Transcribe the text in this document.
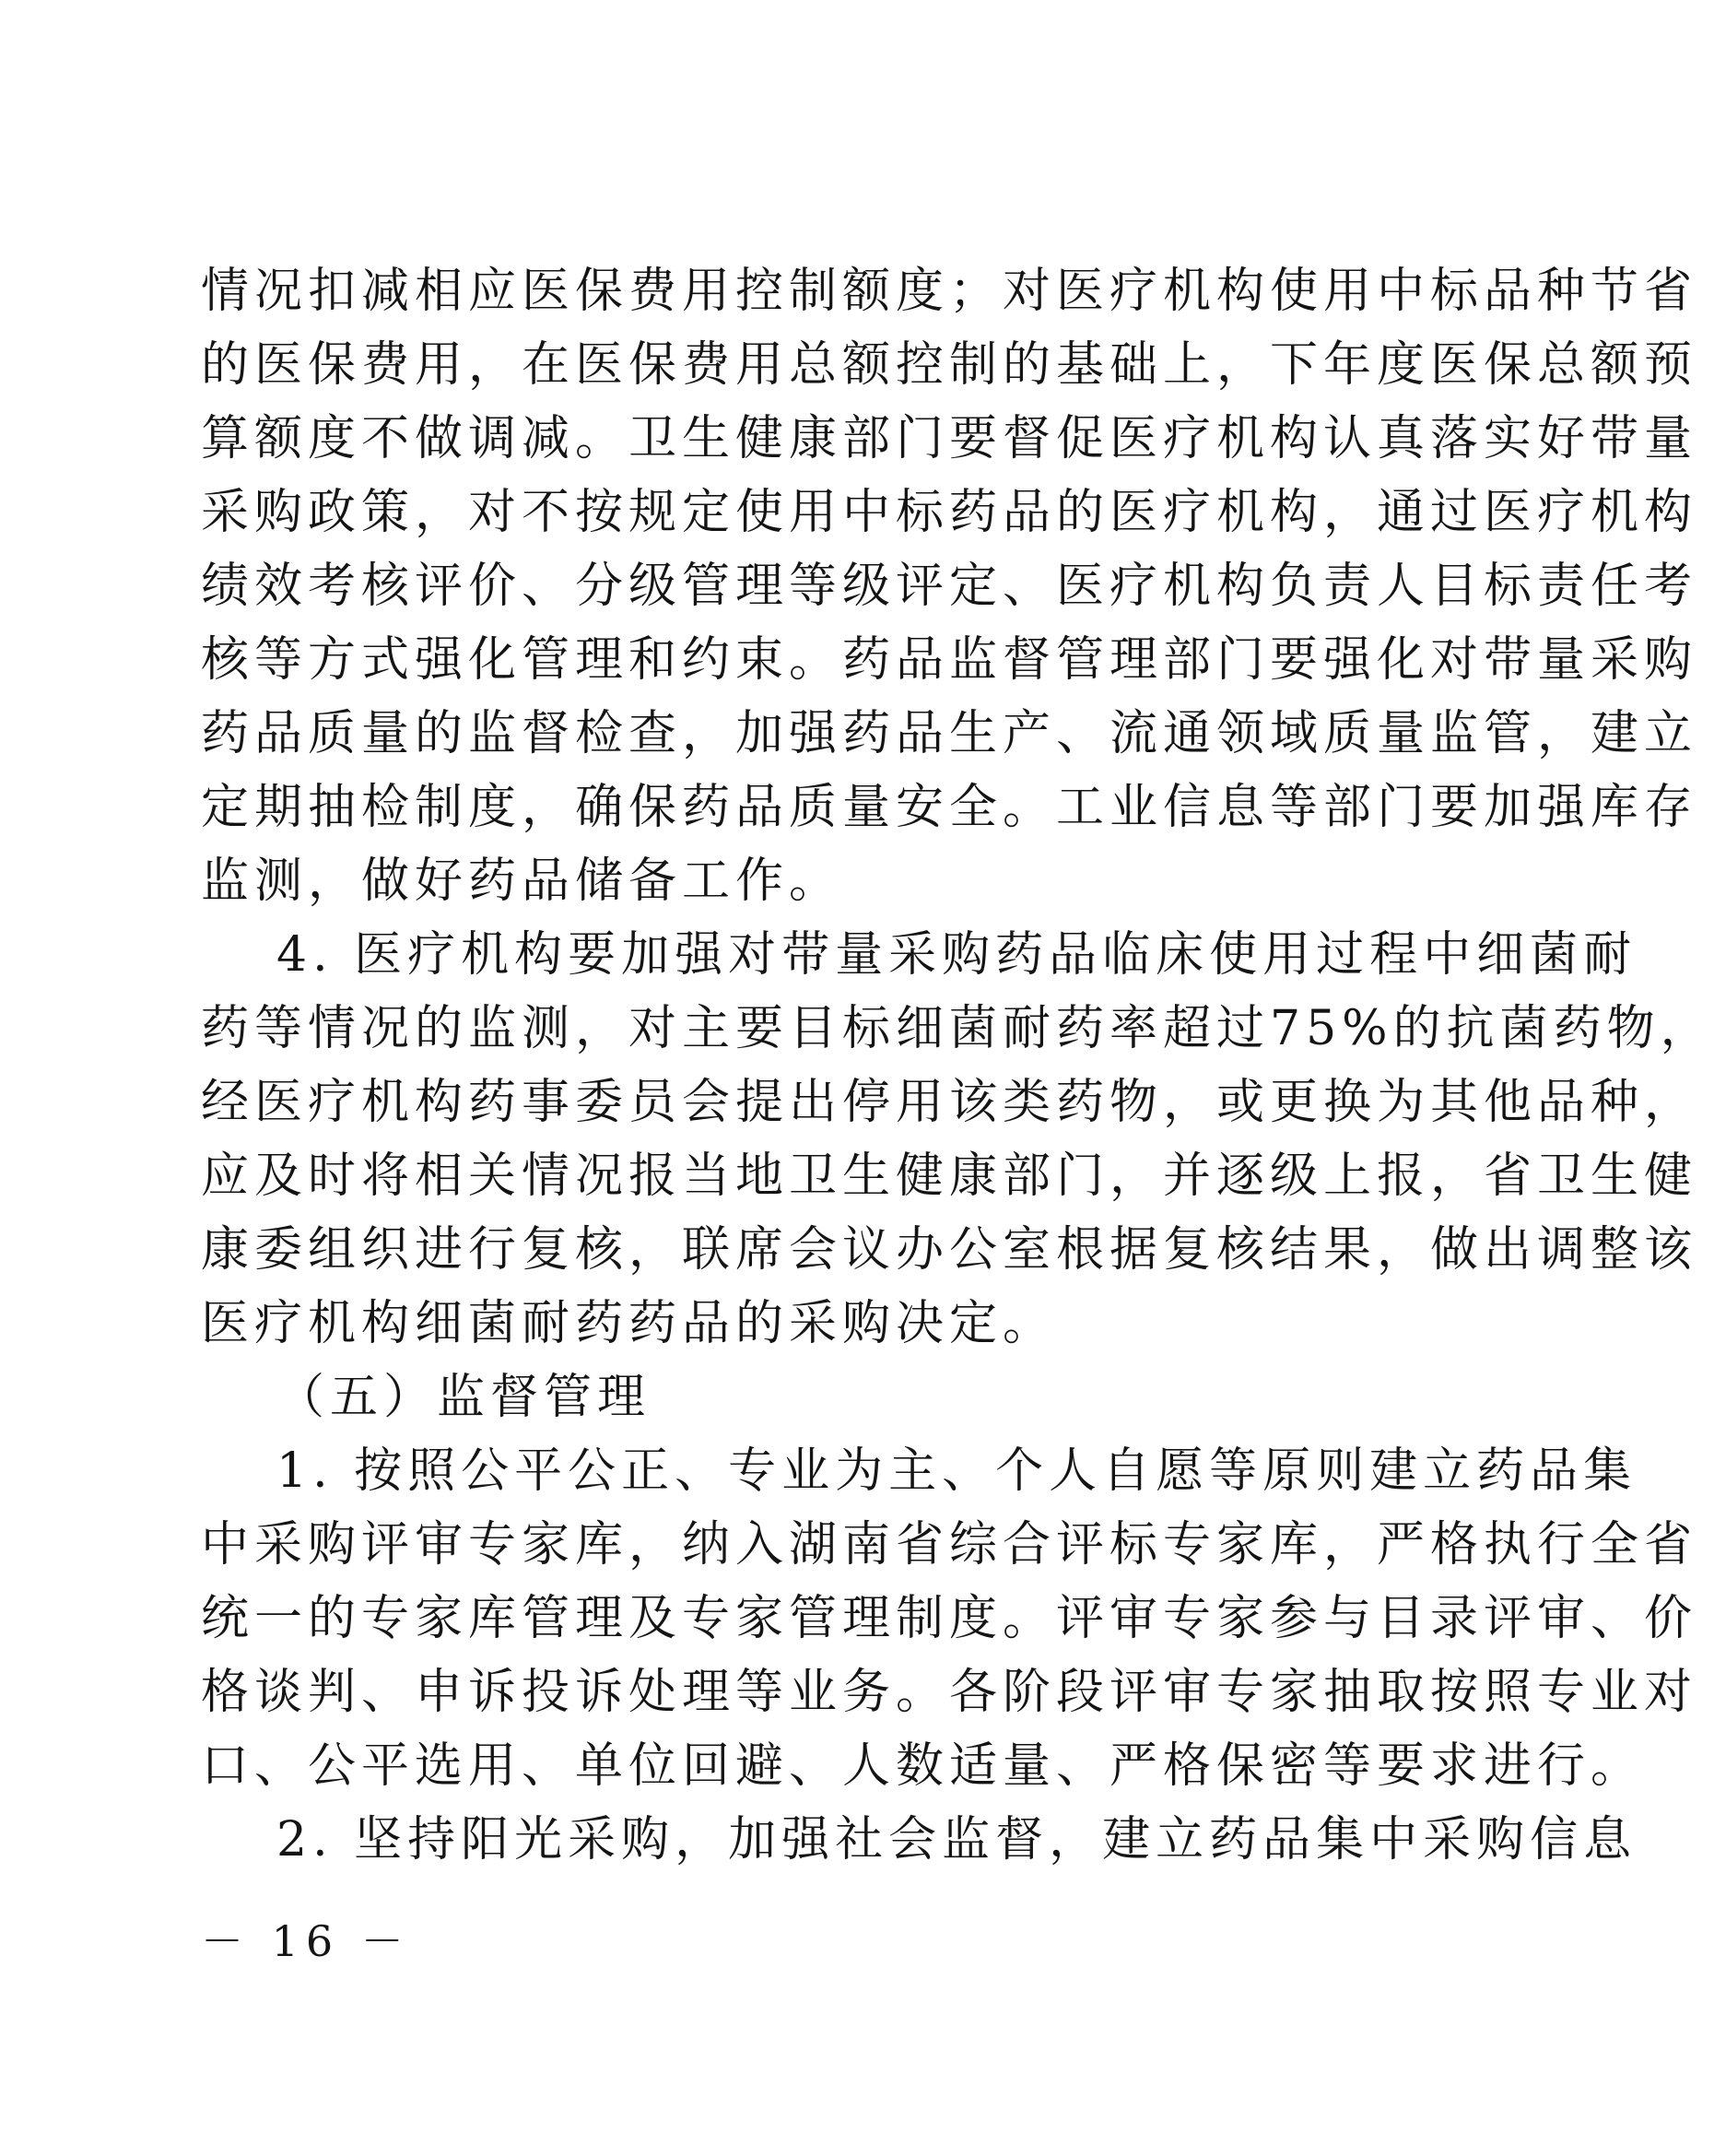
情况扣减相应医保费用控制额度；对医疗机构使用中标品种节省
的医保费用，在医保费用总额控制的基础上，下年度医保总额预
算额度不做调减。卫生健康部门要督促医疗机构认真落实好带量
采购政策，对不按规定使用中标药品的医疗机构，通过医疗机构
绩效考核评价、分级管理等级评定、医疗机构负责人目标责任考
核等方式强化管理和约束。药品监督管理部门要强化对带量采购
药品质量的监督检查，加强药品生产、流通领域质量监管，建立
定期抽检制度，确保药品质量安全。工业信息等部门要加强库存
监测，做好药品储备工作。
4. 医疗机构要加强对带量采购药品临床使用过程中细菌耐
药等情况的监测，对主要目标细菌耐药率超过75%的抗菌药物，
经医疗机构药事委员会提出停用该类药物，或更换为其他品种，
应及时将相关情况报当地卫生健康部门，并逐级上报，省卫生健
康委组织进行复核，联席会议办公室根据复核结果，做出调整该
医疗机构细菌耐药药品的采购决定。
（五）监督管理
1. 按照公平公正、专业为主、个人自愿等原则建立药品集
中采购评审专家库，纳入湖南省综合评标专家库，严格执行全省
统一的专家库管理及专家管理制度。评审专家参与目录评审、价
格谈判、申诉投诉处理等业务。各阶段评审专家抽取按照专业对
口、公平选用、单位回避、人数适量、严格保密等要求进行。
2. 坚持阳光采购，加强社会监督，建立药品集中采购信息
－ 16 －
